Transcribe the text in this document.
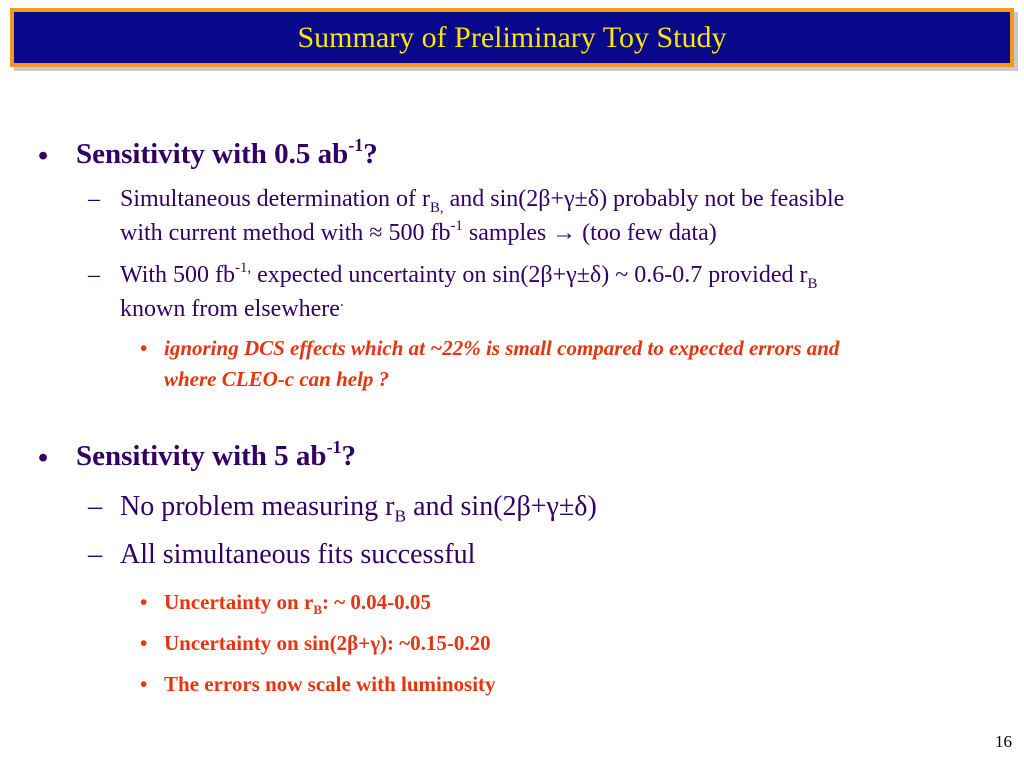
Summary of Preliminary Toy Study
• Sensitivity with 0.5 $ab^{-1}$?
– Simultaneous determination of $r_{B,}$ and sin(2β+γ±δ) probably not be feasible
with current method with ≈ 500 $fb^{-1}$ samples → (too few data)
– With 500 $fb^{-1,}$ expected uncertainty on sin(2β+γ±δ) ~ 0.6-0.7 provided $r_B$
known from elsewhere.
• ignoring DCS effects which at ~22% is small compared to expected errors and
where CLEO-c can help ?
• Sensitivity with 5 $ab^{-1}$?
– No problem measuring $r_B$ and sin(2β+γ±δ)
– All simultaneous fits successful
• Uncertainty on $r_B$: ~ 0.04-0.05
• Uncertainty on sin(2β+γ): ~0.15-0.20
• The errors now scale with luminosity
16
